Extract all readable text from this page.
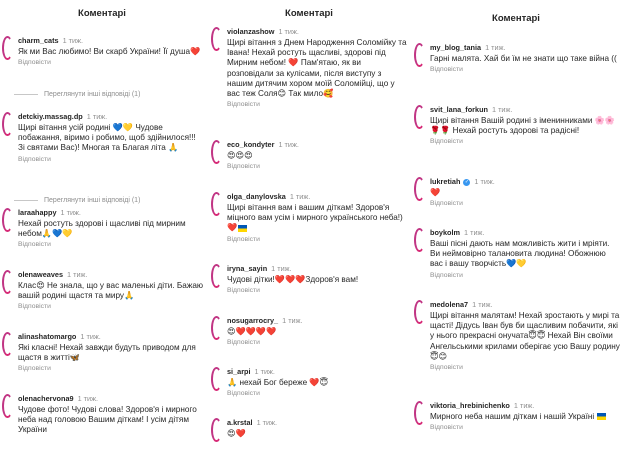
Коментарі
charm_cats 1 тиж.
Як ми Вас любимо! Ви скарб України! Її душа❤️
Відповісти
Переглянути інші відповіді (1)
detckiy.massag.dp 1 тиж.
Щирі вітання усій родині 💙💛 Чудове побажання, віримо і робимо, щоб здійнилося!!! Зі святами Вас)! Многая та Благая літа 🙏
Відповісти
Переглянути інші відповіді (1)
laraahappy 1 тиж.
Нехай ростуть здорові і щасливі під мирним небом🙏💙💛
Відповісти
olenaweaves 1 тиж.
Клас😍 Не знала, що у вас маленькі діти. Бажаю вашій родині щастя та миру🙏
Відповісти
alinashatomargo 1 тиж.
Які класні! Нехай завжди будуть приводом для щастя в житті🦋
Відповісти
olenachervona9 1 тиж.
Чудове фото! Чудові слова! Здоров'я і мирного неба над головою Вашим діткам! І усім дітям України
Коментарі
violanzashow 1 тиж.
Щирі вітання з Днем Народження Соломійку та Івана! Нехай ростуть щасливі, здорові під Мирним небом! ❤️ Пам'ятаю, як ви розповідали за кулісами, після виступу з нашим дитячим хором моїй Соломійці, що у вас теж Соля😊 Так мило🥰
Відповісти
eco_kondyter 1 тиж.
😍😍😍
Відповісти
olga_danylovska 1 тиж.
Щирі вітання вам і вашим діткам! Здоров'я міцного вам усім і мирного українського неба!) ❤️
Відповісти
iryna_sayin 1 тиж.
Чудові дітки!❤️❤️❤️Здоров'я вам!
Відповісти
nosugarrocry_ 1 тиж.
😍❤️❤️❤️❤️
Відповісти
si_arpi 1 тиж.
🙏 нехай Бог береже ❤️😇
Відповісти
a.krstal 1 тиж.
😍❤️
Коментарі
my_blog_tania 1 тиж.
Гарні малята. Хай би їм не знати що таке війна ((
Відповісти
svit_lana_forkun 1 тиж.
Щирі вітання Вашій родині з іменинниками 🌸🌸🌹🌹 Нехай ростуть здорові та радісні!
Відповісти
lukretiah ✓ 1 тиж.
❤️
Відповісти
boykolm 1 тиж.
Ваші пісні дають нам можливість жити і мріяти. Ви неймовірно талановита людина! Обожнюю вас і вашу творчість💙💛
Відповісти
medolena7 1 тиж.
Щирі вітання малятам! Нехай зростають у мирі та щасті! Дідусь Іван був би щасливим побачити, які у нього прекрасні онучата😇😇 Нехай Він своїми Ангельськими крилами оберігає усю Вашу родину😇😊
Відповісти
viktoria_hrebinichenko 1 тиж.
Мирного неба нашим діткам і нашій Україні
Відповісти
